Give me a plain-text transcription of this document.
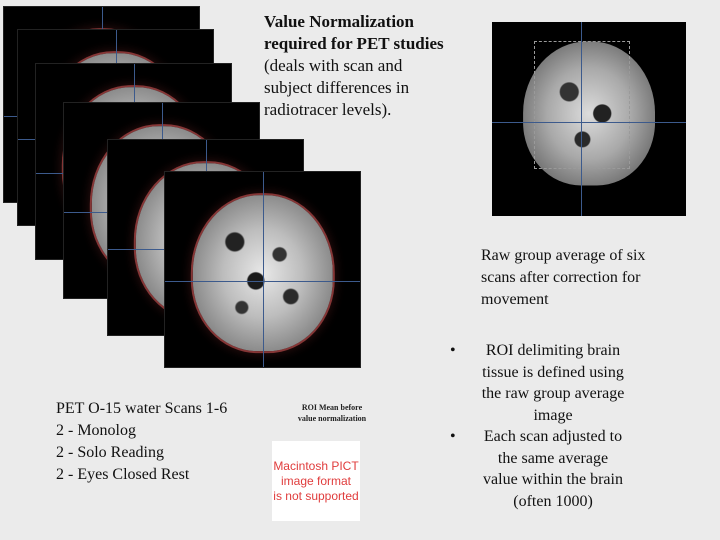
Value Normalization
required for PET studies
(deals with scan and
subject differences in
radiotracer levels).
Raw group average of six
scans after correction for
movement
PET O-15 water Scans 1-6
2 - Monolog
2 - Solo Reading
2 - Eyes Closed Rest
ROI Mean before
value normalization
Macintosh PICT
image format
is not supported
•	ROI delimiting brain
tissue is defined using
the raw group average
image
•	Each scan adjusted to
the same average
value within the brain
(often 1000)
